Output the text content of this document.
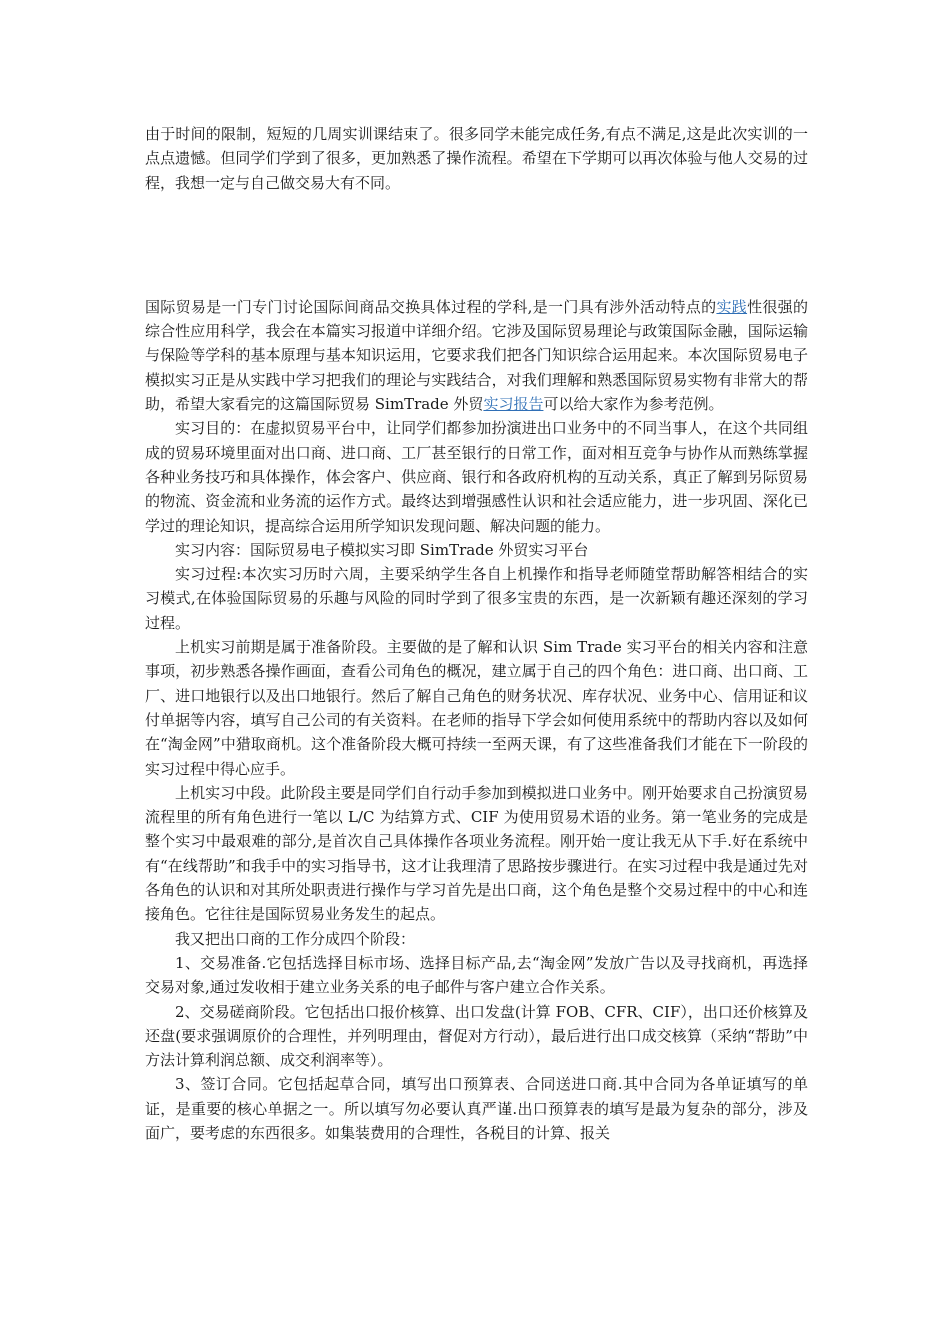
由于时间的限制，短短的几周实训课结束了。很多同学未能完成任务,有点不满足,这是此次实训的一点点遗憾。但同学们学到了很多，更加熟悉了操作流程。希望在下学期可以再次体验与他人交易的过程，我想一定与自己做交易大有不同。

国际贸易是一门专门讨论国际间商品交换具体过程的学科,是一门具有涉外活动特点的实践性很强的综合性应用科学，我会在本篇实习报道中详细介绍。它涉及国际贸易理论与政策国际金融，国际运输与保险等学科的基本原理与基本知识运用，它要求我们把各门知识综合运用起来。本次国际贸易电子模拟实习正是从实践中学习把我们的理论与实践结合，对我们理解和熟悉国际贸易实物有非常大的帮助，希望大家看完的这篇国际贸易 SimTrade 外贸实习报告可以给大家作为参考范例。

实习目的：在虚拟贸易平台中，让同学们都参加扮演进出口业务中的不同当事人，在这个共同组成的贸易环境里面对出口商、进口商、工厂甚至银行的日常工作，面对相互竞争与协作从而熟练掌握各种业务技巧和具体操作，体会客户、供应商、银行和各政府机构的互动关系，真正了解到另际贸易的物流、资金流和业务流的运作方式。最终达到增强感性认识和社会适应能力，进一步巩固、深化已学过的理论知识，提高综合运用所学知识发现问题、解决问题的能力。

实习内容：国际贸易电子模拟实习即 SimTrade 外贸实习平台

实习过程:本次实习历时六周，主要采纳学生各自上机操作和指导老师随堂帮助解答相结合的实习模式,在体验国际贸易的乐趣与风险的同时学到了很多宝贵的东西，是一次新颖有趣还深刻的学习过程。

上机实习前期是属于准备阶段。主要做的是了解和认识 Sim Trade 实习平台的相关内容和注意事项，初步熟悉各操作画面，查看公司角色的概况，建立属于自己的四个角色：进口商、出口商、工厂、进口地银行以及出口地银行。然后了解自己角色的财务状况、库存状况、业务中心、信用证和议付单据等内容，填写自己公司的有关资料。在老师的指导下学会如何使用系统中的帮助内容以及如何在“淘金网”中猎取商机。这个准备阶段大概可持续一至两天课，有了这些准备我们才能在下一阶段的实习过程中得心应手。

上机实习中段。此阶段主要是同学们自行动手参加到模拟进口业务中。刚开始要求自己扮演贸易流程里的所有角色进行一笔以 L/C 为结算方式、CIF 为使用贸易术语的业务。第一笔业务的完成是整个实习中最艰难的部分,是首次自己具体操作各项业务流程。刚开始一度让我无从下手.好在系统中有“在线帮助”和我手中的实习指导书，这才让我理清了思路按步骤进行。在实习过程中我是通过先对各角色的认识和对其所处职责进行操作与学习首先是出口商，这个角色是整个交易过程中的中心和连接角色。它往往是国际贸易业务发生的起点。

我又把出口商的工作分成四个阶段：

1、交易准备.它包括选择目标市场、选择目标产品,去“淘金网”发放广告以及寻找商机，再选择交易对象,通过发收相于建立业务关系的电子邮件与客户建立合作关系。

2、交易磋商阶段。它包括出口报价核算、出口发盘(计算 FOB、CFR、CIF），出口还价核算及还盘(要求强调原价的合理性，并列明理由，督促对方行动），最后进行出口成交核算（采纳“帮助”中方法计算利润总额、成交利润率等）。

3、签订合同。它包括起草合同，填写出口预算表、合同送进口商.其中合同为各单证填写的单证，是重要的核心单据之一。所以填写勿必要认真严谨.出口预算表的填写是最为复杂的部分，涉及面广，要考虑的东西很多。如集装费用的合理性，各税目的计算、报关
